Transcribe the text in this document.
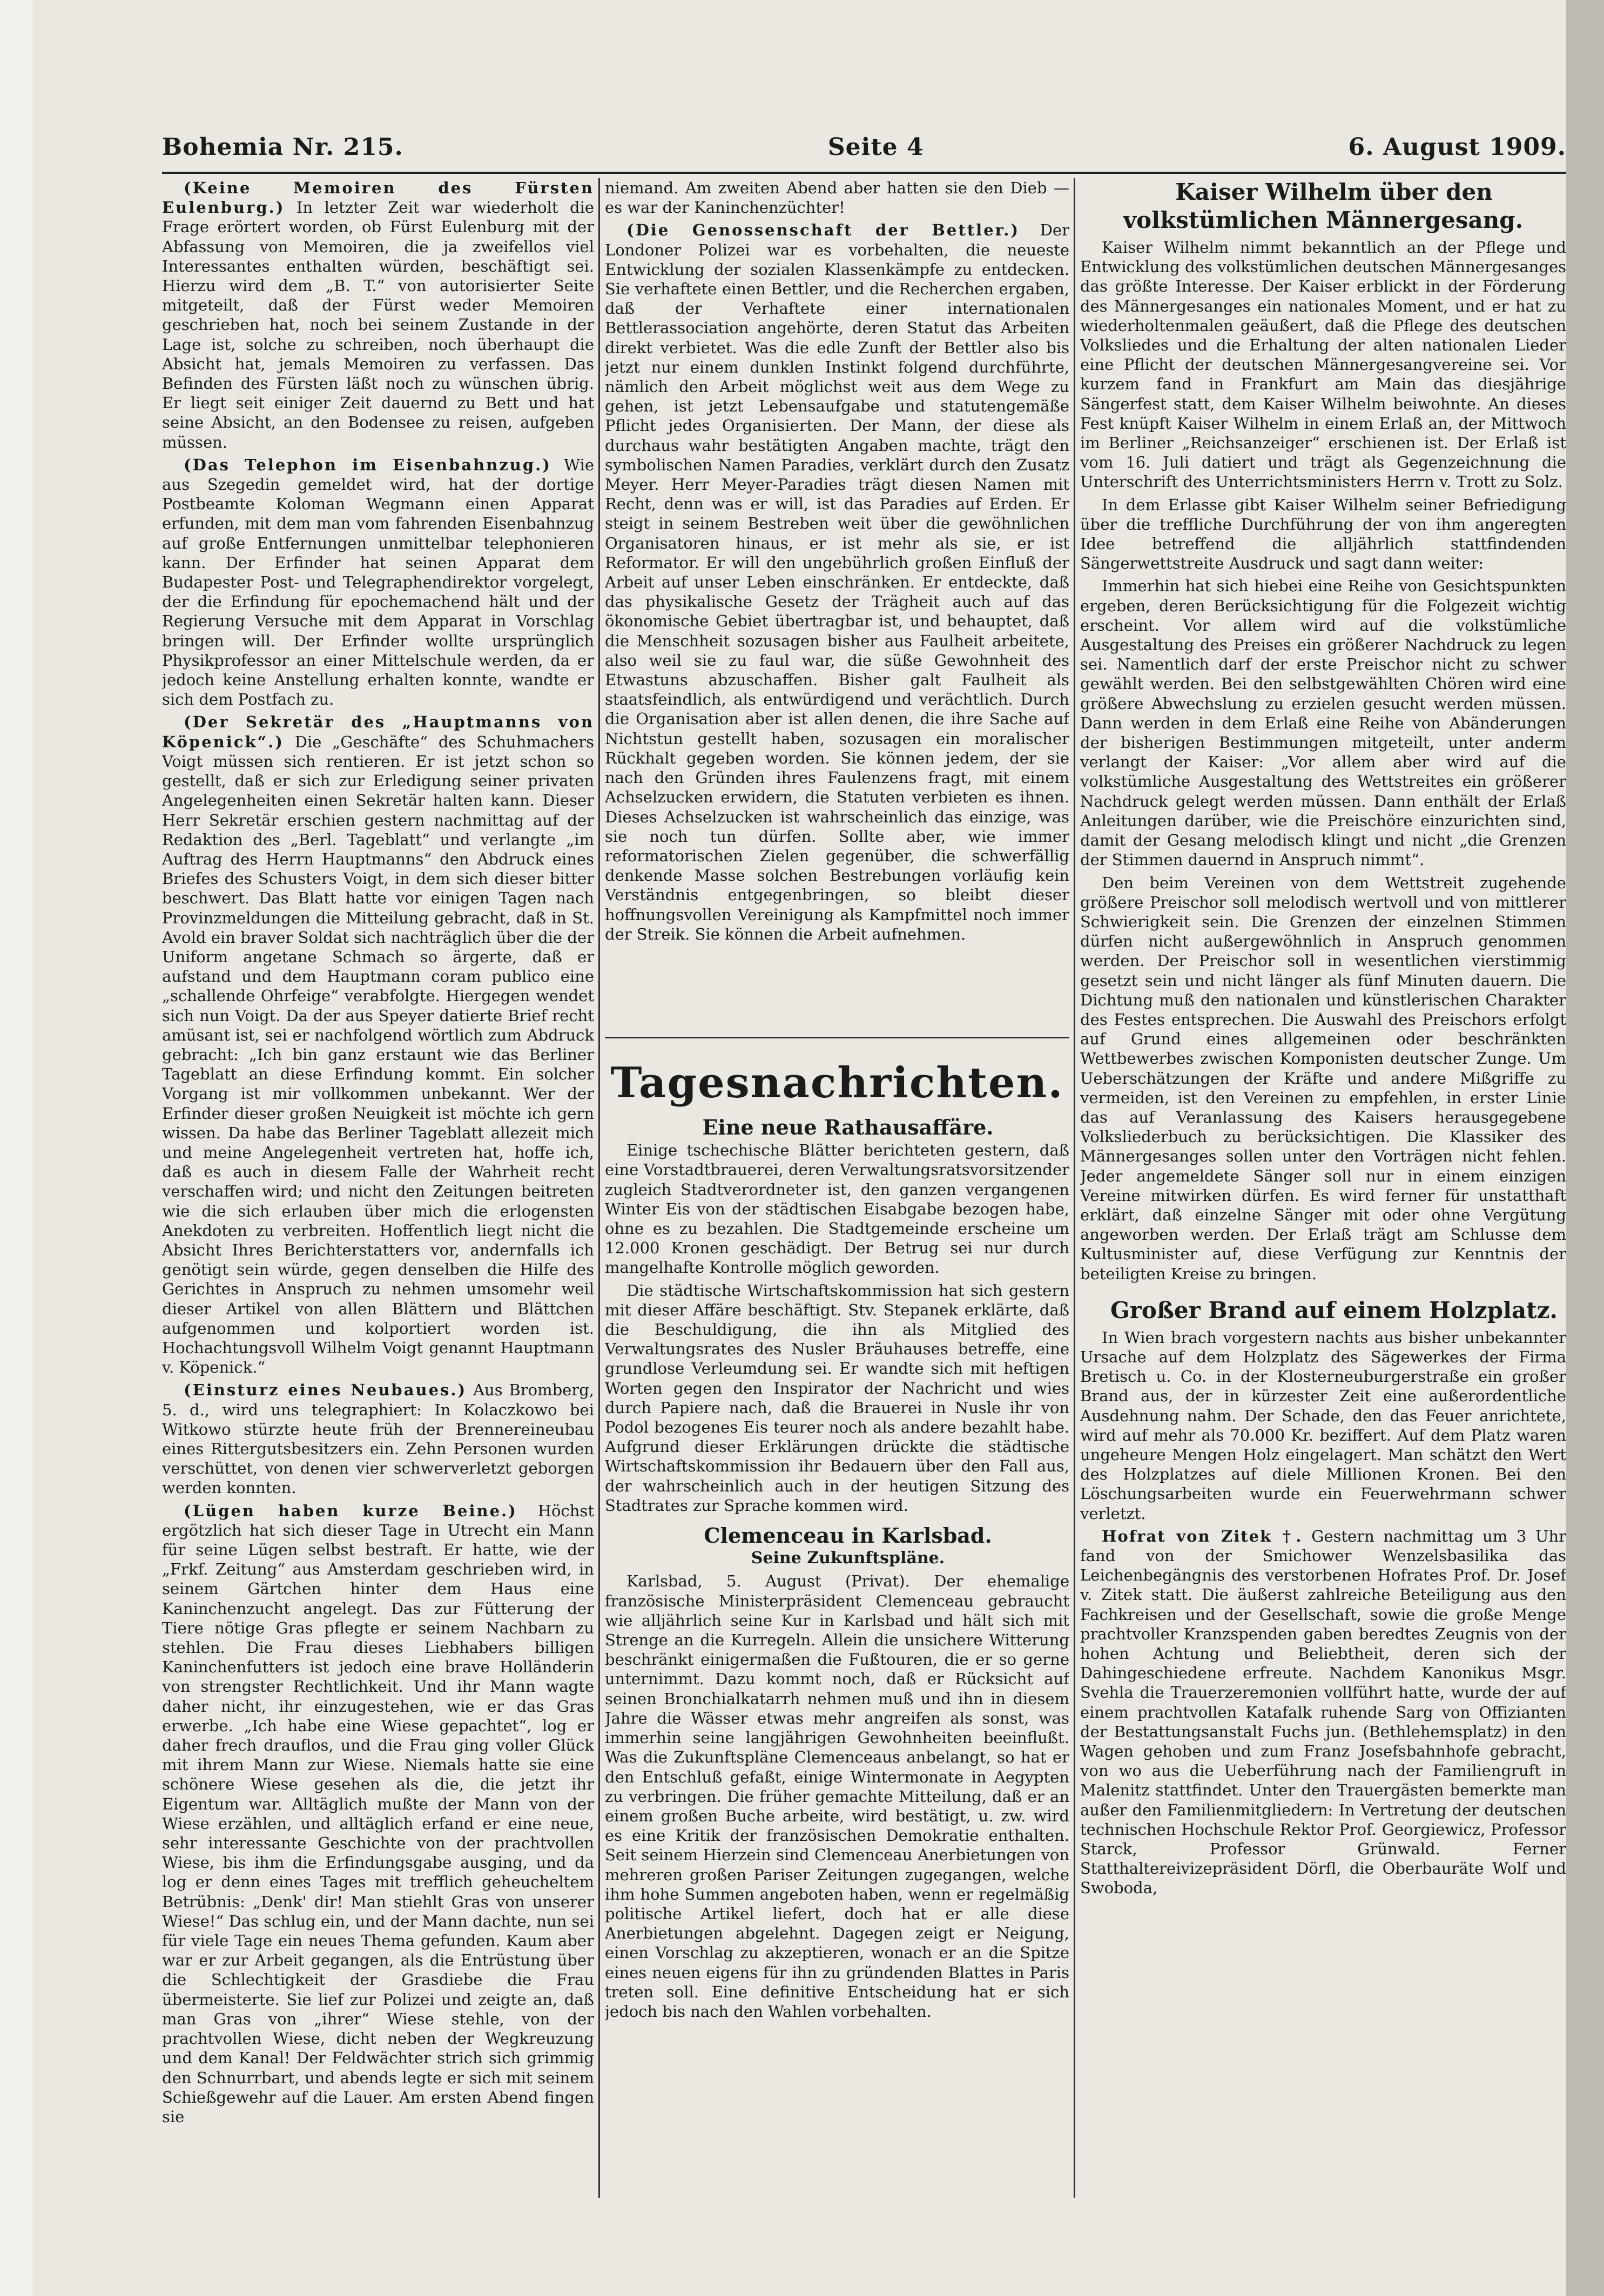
Bohemia Nr. 215.	Seite 4	6. August 1909.

(Keine Memoiren des Fürsten Eulenburg.) In letzter Zeit war wiederholt die Frage erörtert worden, ob Fürst Eulenburg mit der Abfassung von Memoiren, die ja zweifellos viel Interessantes enthalten würden, beschäftigt sei. Hierzu wird dem „B. T.“ von autorisierter Seite mitgeteilt, daß der Fürst weder Memoiren geschrieben hat, noch bei seinem Zustande in der Lage ist, solche zu schreiben, noch überhaupt die Absicht hat, jemals Memoiren zu verfassen. Das Befinden des Fürsten läßt noch zu wünschen übrig. Er liegt seit einiger Zeit dauernd zu Bett und hat seine Absicht, an den Bodensee zu reisen, aufgeben müssen.

(Das Telephon im Eisenbahnzug.) Wie aus Szegedin gemeldet wird, hat der dortige Postbeamte Koloman Wegmann einen Apparat erfunden, mit dem man vom fahrenden Eisenbahnzug auf große Entfernungen unmittelbar telephonieren kann. Der Erfinder hat seinen Apparat dem Budapester Post- und Telegraphendirektor vorgelegt, der die Erfindung für epochemachend hält und der Regierung Versuche mit dem Apparat in Vorschlag bringen will. Der Erfinder wollte ursprünglich Physikprofessor an einer Mittelschule werden, da er jedoch keine Anstellung erhalten konnte, wandte er sich dem Postfach zu.

(Der Sekretär des „Hauptmanns von Köpenick“.) Die „Geschäfte“ des Schuhmachers Voigt müssen sich rentieren. Er ist jetzt schon so gestellt, daß er sich zur Erledigung seiner privaten Angelegenheiten einen Sekretär halten kann. Dieser Herr Sekretär erschien gestern nachmittag auf der Redaktion des „Berl. Tageblatt“ und verlangte „im Auftrag des Herrn Hauptmanns“ den Abdruck eines Briefes des Schusters Voigt, in dem sich dieser bitter beschwert. Das Blatt hatte vor einigen Tagen nach Provinzmeldungen die Mitteilung gebracht, daß in St. Avold ein braver Soldat sich nachträglich über die der Uniform angetane Schmach so ärgerte, daß er aufstand und dem Hauptmann coram publico eine „schallende Ohrfeige“ verabfolgte. Hiergegen wendet sich nun Voigt. Da der aus Speyer datierte Brief recht amüsant ist, sei er nachfolgend wörtlich zum Abdruck gebracht: „Ich bin ganz erstaunt wie das Berliner Tageblatt an diese Erfindung kommt. Ein solcher Vorgang ist mir vollkommen unbekannt. Wer der Erfinder dieser großen Neuigkeit ist möchte ich gern wissen. Da habe das Berliner Tageblatt allezeit mich und meine Angelegenheit vertreten hat, hoffe ich, daß es auch in diesem Falle der Wahrheit recht verschaffen wird; und nicht den Zeitungen beitreten wie die sich erlauben über mich die erlogensten Anekdoten zu verbreiten. Hoffentlich liegt nicht die Absicht Ihres Berichterstatters vor, andernfalls ich genötigt sein würde, gegen denselben die Hilfe des Gerichtes in Anspruch zu nehmen umsomehr weil dieser Artikel von allen Blättern und Blättchen aufgenommen und kolportiert worden ist. Hochachtungsvoll Wilhelm Voigt genannt Hauptmann v. Köpenick.“

(Einsturz eines Neubaues.) Aus Bromberg, 5. d., wird uns telegraphiert: In Kolaczkowo bei Witkowo stürzte heute früh der Brennereineubau eines Rittergutsbesitzers ein. Zehn Personen wurden verschüttet, von denen vier schwerverletzt geborgen werden konnten.

(Lügen haben kurze Beine.) Höchst ergötzlich hat sich dieser Tage in Utrecht ein Mann für seine Lügen selbst bestraft. Er hatte, wie der „Frkf. Zeitung“ aus Amsterdam geschrieben wird, in seinem Gärtchen hinter dem Haus eine Kaninchenzucht angelegt. Das zur Fütterung der Tiere nötige Gras pflegte er seinem Nachbarn zu stehlen. Die Frau dieses Liebhabers billigen Kaninchenfutters ist jedoch eine brave Holländerin von strengster Rechtlichkeit. Und ihr Mann wagte daher nicht, ihr einzugestehen, wie er das Gras erwerbe. „Ich habe eine Wiese gepachtet“, log er daher frech drauflos, und die Frau ging voller Glück mit ihrem Mann zur Wiese. Niemals hatte sie eine schönere Wiese gesehen als die, die jetzt ihr Eigentum war. Alltäglich mußte der Mann von der Wiese erzählen, und alltäglich erfand er eine neue, sehr interessante Geschichte von der prachtvollen Wiese, bis ihm die Erfindungsgabe ausging, und da log er denn eines Tages mit trefflich geheucheltem Betrübnis: „Denk' dir! Man stiehlt Gras von unserer Wiese!“ Das schlug ein, und der Mann dachte, nun sei für viele Tage ein neues Thema gefunden. Kaum aber war er zur Arbeit gegangen, als die Entrüstung über die Schlechtigkeit der Grasdiebe die Frau übermeisterte. Sie lief zur Polizei und zeigte an, daß man Gras von „ihrer“ Wiese stehle, von der prachtvollen Wiese, dicht neben der Wegkreuzung und dem Kanal! Der Feldwächter strich sich grimmig den Schnurrbart, und abends legte er sich mit seinem Schießgewehr auf die Lauer. Am ersten Abend fingen sie

niemand. Am zweiten Abend aber hatten sie den Dieb — es war der Kaninchenzüchter!

(Die Genossenschaft der Bettler.) Der Londoner Polizei war es vorbehalten, die neueste Entwicklung der sozialen Klassenkämpfe zu entdecken. Sie verhaftete einen Bettler, und die Recherchen ergaben, daß der Verhaftete einer internationalen Bettlerassociation angehörte, deren Statut das Arbeiten direkt verbietet. Was die edle Zunft der Bettler also bis jetzt nur einem dunklen Instinkt folgend durchführte, nämlich den Arbeit möglichst weit aus dem Wege zu gehen, ist jetzt Lebensaufgabe und statutengemäße Pflicht jedes Organisierten. Der Mann, der diese als durchaus wahr bestätigten Angaben machte, trägt den symbolischen Namen Paradies, verklärt durch den Zusatz Meyer. Herr Meyer-Paradies trägt diesen Namen mit Recht, denn was er will, ist das Paradies auf Erden. Er steigt in seinem Bestreben weit über die gewöhnlichen Organisatoren hinaus, er ist mehr als sie, er ist Reformator. Er will den ungebührlich großen Einfluß der Arbeit auf unser Leben einschränken. Er entdeckte, daß das physikalische Gesetz der Trägheit auch auf das ökonomische Gebiet übertragbar ist, und behauptet, daß die Menschheit sozusagen bisher aus Faulheit arbeitete, also weil sie zu faul war, die süße Gewohnheit des Etwastuns abzuschaffen. Bisher galt Faulheit als staatsfeindlich, als entwürdigend und verächtlich. Durch die Organisation aber ist allen denen, die ihre Sache auf Nichtstun gestellt haben, sozusagen ein moralischer Rückhalt gegeben worden. Sie können jedem, der sie nach den Gründen ihres Faulenzens fragt, mit einem Achselzucken erwidern, die Statuten verbieten es ihnen. Dieses Achselzucken ist wahrscheinlich das einzige, was sie noch tun dürfen. Sollte aber, wie immer reformatorischen Zielen gegenüber, die schwerfällig denkende Masse solchen Bestrebungen vorläufig kein Verständnis entgegenbringen, so bleibt dieser hoffnungsvollen Vereinigung als Kampfmittel noch immer der Streik. Sie können die Arbeit aufnehmen.

Tagesnachrichten.

Eine neue Rathausaffäre.

Einige tschechische Blätter berichteten gestern, daß eine Vorstadtbrauerei, deren Verwaltungsratsvorsitzender zugleich Stadtverordneter ist, den ganzen vergangenen Winter Eis von der städtischen Eisabgabe bezogen habe, ohne es zu bezahlen. Die Stadtgemeinde erscheine um 12.000 Kronen geschädigt. Der Betrug sei nur durch mangelhafte Kontrolle möglich geworden.

Die städtische Wirtschaftskommission hat sich gestern mit dieser Affäre beschäftigt. Stv. Stepanek erklärte, daß die Beschuldigung, die ihn als Mitglied des Verwaltungsrates des Nusler Bräuhauses betreffe, eine grundlose Verleumdung sei. Er wandte sich mit heftigen Worten gegen den Inspirator der Nachricht und wies durch Papiere nach, daß die Brauerei in Nusle ihr von Podol bezogenes Eis teurer noch als andere bezahlt habe. Aufgrund dieser Erklärungen drückte die städtische Wirtschaftskommission ihr Bedauern über den Fall aus, der wahrscheinlich auch in der heutigen Sitzung des Stadtrates zur Sprache kommen wird.

Clemenceau in Karlsbad.

Seine Zukunftspläne.

Karlsbad, 5. August (Privat). Der ehemalige französische Ministerpräsident Clemenceau gebraucht wie alljährlich seine Kur in Karlsbad und hält sich mit Strenge an die Kurregeln. Allein die unsichere Witterung beschränkt einigermaßen die Fußtouren, die er so gerne unternimmt. Dazu kommt noch, daß er Rücksicht auf seinen Bronchialkatarrh nehmen muß und ihn in diesem Jahre die Wässer etwas mehr angreifen als sonst, was immerhin seine langjährigen Gewohnheiten beeinflußt. Was die Zukunftspläne Clemenceaus anbelangt, so hat er den Entschluß gefaßt, einige Wintermonate in Aegypten zu verbringen. Die früher gemachte Mitteilung, daß er an einem großen Buche arbeite, wird bestätigt, u. zw. wird es eine Kritik der französischen Demokratie enthalten. Seit seinem Hierzein sind Clemenceau Anerbietungen von mehreren großen Pariser Zeitungen zugegangen, welche ihm hohe Summen angeboten haben, wenn er regelmäßig politische Artikel liefert, doch hat er alle diese Anerbietungen abgelehnt. Dagegen zeigt er Neigung, einen Vorschlag zu akzeptieren, wonach er an die Spitze eines neuen eigens für ihn zu gründenden Blattes in Paris treten soll. Eine definitive Entscheidung hat er sich jedoch bis nach den Wahlen vorbehalten.

Kaiser Wilhelm über den volkstümlichen Männergesang.

Kaiser Wilhelm nimmt bekanntlich an der Pflege und Entwicklung des volkstümlichen deutschen Männergesanges das größte Interesse. Der Kaiser erblickt in der Förderung des Männergesanges ein nationales Moment, und er hat zu wiederholtenmalen geäußert, daß die Pflege des deutschen Volksliedes und die Erhaltung der alten nationalen Lieder eine Pflicht der deutschen Männergesangvereine sei. Vor kurzem fand in Frankfurt am Main das diesjährige Sängerfest statt, dem Kaiser Wilhelm beiwohnte. An dieses Fest knüpft Kaiser Wilhelm in einem Erlaß an, der Mittwoch im Berliner „Reichsanzeiger“ erschienen ist. Der Erlaß ist vom 16. Juli datiert und trägt als Gegenzeichnung die Unterschrift des Unterrichtsministers Herrn v. Trott zu Solz.

In dem Erlasse gibt Kaiser Wilhelm seiner Befriedigung über die treffliche Durchführung der von ihm angeregten Idee betreffend die alljährlich stattfindenden Sängerwettstreite Ausdruck und sagt dann weiter:

Immerhin hat sich hiebei eine Reihe von Gesichtspunkten ergeben, deren Berücksichtigung für die Folgezeit wichtig erscheint. Vor allem wird auf die volkstümliche Ausgestaltung des Preises ein größerer Nachdruck zu legen sei. Namentlich darf der erste Preischor nicht zu schwer gewählt werden. Bei den selbstgewählten Chören wird eine größere Abwechslung zu erzielen gesucht werden müssen. Dann werden in dem Erlaß eine Reihe von Abänderungen der bisherigen Bestimmungen mitgeteilt, unter anderm verlangt der Kaiser: „Vor allem aber wird auf die volkstümliche Ausgestaltung des Wettstreites ein größerer Nachdruck gelegt werden müssen. Dann enthält der Erlaß Anleitungen darüber, wie die Preischöre einzurichten sind, damit der Gesang melodisch klingt und nicht „die Grenzen der Stimmen dauernd in Anspruch nimmt“.

Den beim Vereinen von dem Wettstreit zugehende größere Preischor soll melodisch wertvoll und von mittlerer Schwierigkeit sein. Die Grenzen der einzelnen Stimmen dürfen nicht außergewöhnlich in Anspruch genommen werden. Der Preischor soll in wesentlichen vierstimmig gesetzt sein und nicht länger als fünf Minuten dauern. Die Dichtung muß den nationalen und künstlerischen Charakter des Festes entsprechen. Die Auswahl des Preischors erfolgt auf Grund eines allgemeinen oder beschränkten Wettbewerbes zwischen Komponisten deutscher Zunge. Um Ueberschätzungen der Kräfte und andere Mißgriffe zu vermeiden, ist den Vereinen zu empfehlen, in erster Linie das auf Veranlassung des Kaisers herausgegebene Volksliederbuch zu berücksichtigen. Die Klassiker des Männergesanges sollen unter den Vorträgen nicht fehlen. Jeder angemeldete Sänger soll nur in einem einzigen Vereine mitwirken dürfen. Es wird ferner für unstatthaft erklärt, daß einzelne Sänger mit oder ohne Vergütung angeworben werden. Der Erlaß trägt am Schlusse dem Kultusminister auf, diese Verfügung zur Kenntnis der beteiligten Kreise zu bringen.

Großer Brand auf einem Holzplatz.

In Wien brach vorgestern nachts aus bisher unbekannter Ursache auf dem Holzplatz des Sägewerkes der Firma Bretisch u. Co. in der Klosterneuburgerstraße ein großer Brand aus, der in kürzester Zeit eine außerordentliche Ausdehnung nahm. Der Schade, den das Feuer anrichtete, wird auf mehr als 70.000 Kr. beziffert. Auf dem Platz waren ungeheure Mengen Holz eingelagert. Man schätzt den Wert des Holzplatzes auf diele Millionen Kronen. Bei den Löschungsarbeiten wurde ein Feuerwehrmann schwer verletzt.

Hofrat von Zitek †. Gestern nachmittag um 3 Uhr fand von der Smichower Wenzelsbasilika das Leichenbegängnis des verstorbenen Hofrates Prof. Dr. Josef v. Zitek statt. Die äußerst zahlreiche Beteiligung aus den Fachkreisen und der Gesellschaft, sowie die große Menge prachtvoller Kranzspenden gaben beredtes Zeugnis von der hohen Achtung und Beliebtheit, deren sich der Dahingeschiedene erfreute. Nachdem Kanonikus Msgr. Svehla die Trauerzeremonien vollführt hatte, wurde der auf einem prachtvollen Katafalk ruhende Sarg von Offizianten der Bestattungsanstalt Fuchs jun. (Bethlehemsplatz) in den Wagen gehoben und zum Franz Josefsbahnhofe gebracht, von wo aus die Ueberführung nach der Familiengruft in Malenitz stattfindet. Unter den Trauergästen bemerkte man außer den Familienmitgliedern: In Vertretung der deutschen technischen Hochschule Rektor Prof. Georgiewicz, Professor Starck, Professor Grünwald. Ferner Statthaltereivizepräsident Dörfl, die Oberbauräte Wolf und Swoboda,
